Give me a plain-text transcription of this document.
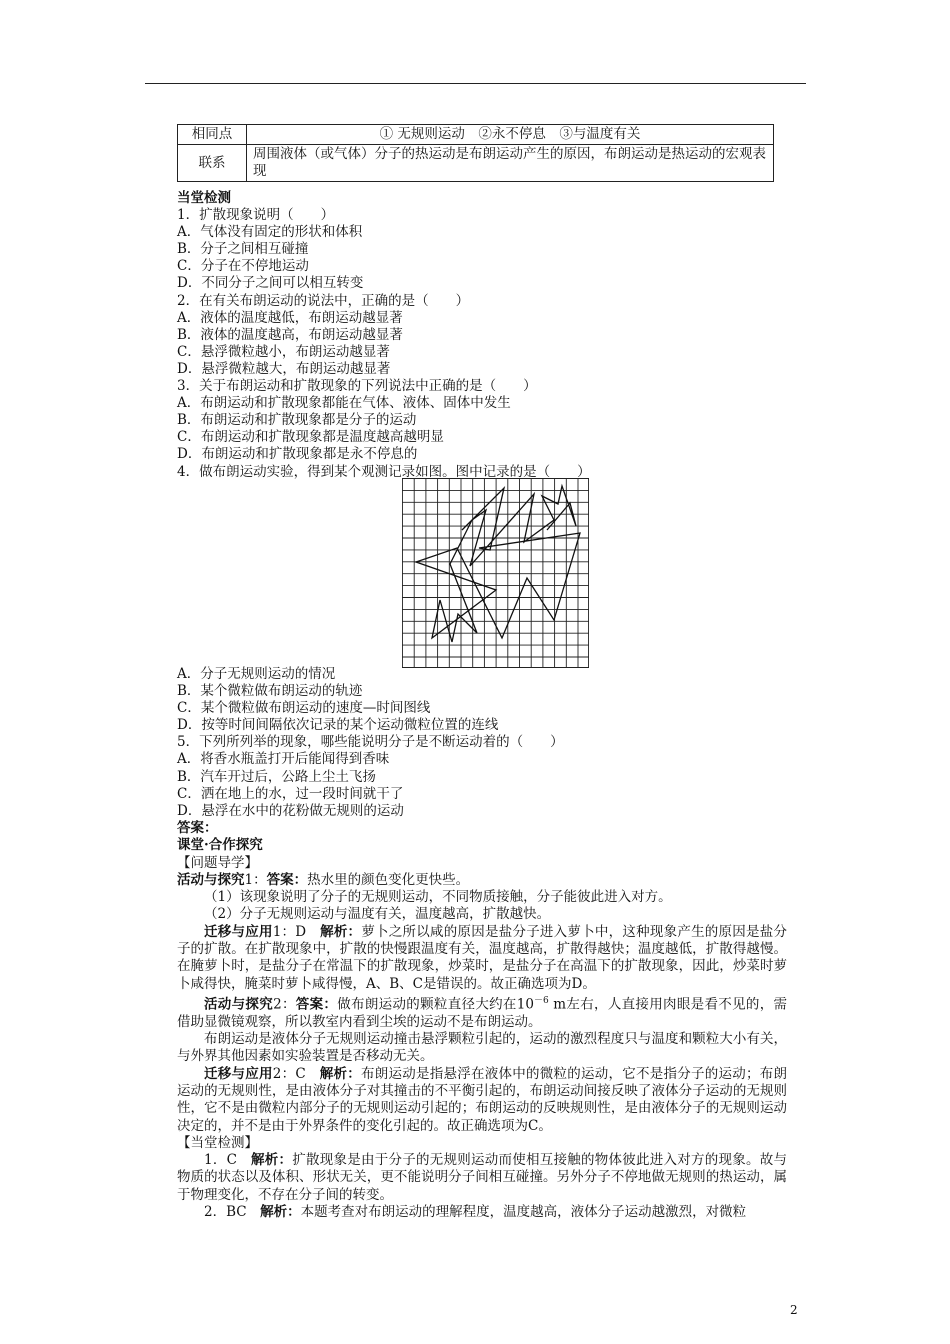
相同点	① 无规则运动　②永不停息　③与温度有关
联系	周围液体（或气体）分子的热运动是布朗运动产生的原因，布朗运动是热运动的宏观表现
当堂检测
1．扩散现象说明（　　）
A．气体没有固定的形状和体积
B．分子之间相互碰撞
C．分子在不停地运动
D．不同分子之间可以相互转变
2．在有关布朗运动的说法中，正确的是（　　）
A．液体的温度越低，布朗运动越显著
B．液体的温度越高，布朗运动越显著
C．悬浮微粒越小，布朗运动越显著
D．悬浮微粒越大，布朗运动越显著
3．关于布朗运动和扩散现象的下列说法中正确的是（　　）
A．布朗运动和扩散现象都能在气体、液体、固体中发生
B．布朗运动和扩散现象都是分子的运动
C．布朗运动和扩散现象都是温度越高越明显
D．布朗运动和扩散现象都是永不停息的
4．做布朗运动实验，得到某个观测记录如图。图中记录的是（　　）
A．分子无规则运动的情况
B．某个微粒做布朗运动的轨迹
C．某个微粒做布朗运动的速度—时间图线
D．按等时间间隔依次记录的某个运动微粒位置的连线
5．下列所列举的现象，哪些能说明分子是不断运动着的（　　）
A．将香水瓶盖打开后能闻得到香味
B．汽车开过后，公路上尘土飞扬
C．洒在地上的水，过一段时间就干了
D．悬浮在水中的花粉做无规则的运动
答案：
课堂·合作探究
【问题导学】
活动与探究1：答案：热水里的颜色变化更快些。
（1）该现象说明了分子的无规则运动，不同物质接触，分子能彼此进入对方。
（2）分子无规则运动与温度有关，温度越高，扩散越快。
迁移与应用1：D　解析：萝卜之所以咸的原因是盐分子进入萝卜中，这种现象产生的原因是盐分子的扩散。在扩散现象中，扩散的快慢跟温度有关，温度越高，扩散得越快；温度越低，扩散得越慢。在腌萝卜时，是盐分子在常温下的扩散现象，炒菜时，是盐分子在高温下的扩散现象，因此，炒菜时萝卜咸得快，腌菜时萝卜咸得慢，A、B、C是错误的。故正确选项为D。
活动与探究2：答案：做布朗运动的颗粒直径大约在$10^{-6}$ m左右，人直接用肉眼是看不见的，需借助显微镜观察，所以教室内看到尘埃的运动不是布朗运动。
布朗运动是液体分子无规则运动撞击悬浮颗粒引起的，运动的激烈程度只与温度和颗粒大小有关，与外界其他因素如实验装置是否移动无关。
迁移与应用2：C　解析：布朗运动是指悬浮在液体中的微粒的运动，它不是指分子的运动；布朗运动的无规则性，是由液体分子对其撞击的不平衡引起的，布朗运动间接反映了液体分子运动的无规则性，它不是由微粒内部分子的无规则运动引起的；布朗运动的反映规则性，是由液体分子的无规则运动决定的，并不是由于外界条件的变化引起的。故正确选项为C。
【当堂检测】
1．C　解析：扩散现象是由于分子的无规则运动而使相互接触的物体彼此进入对方的现象。故与物质的状态以及体积、形状无关，更不能说明分子间相互碰撞。另外分子不停地做无规则的热运动，属于物理变化，不存在分子间的转变。
2．BC　解析：本题考查对布朗运动的理解程度，温度越高，液体分子运动越激烈，对微粒
2
